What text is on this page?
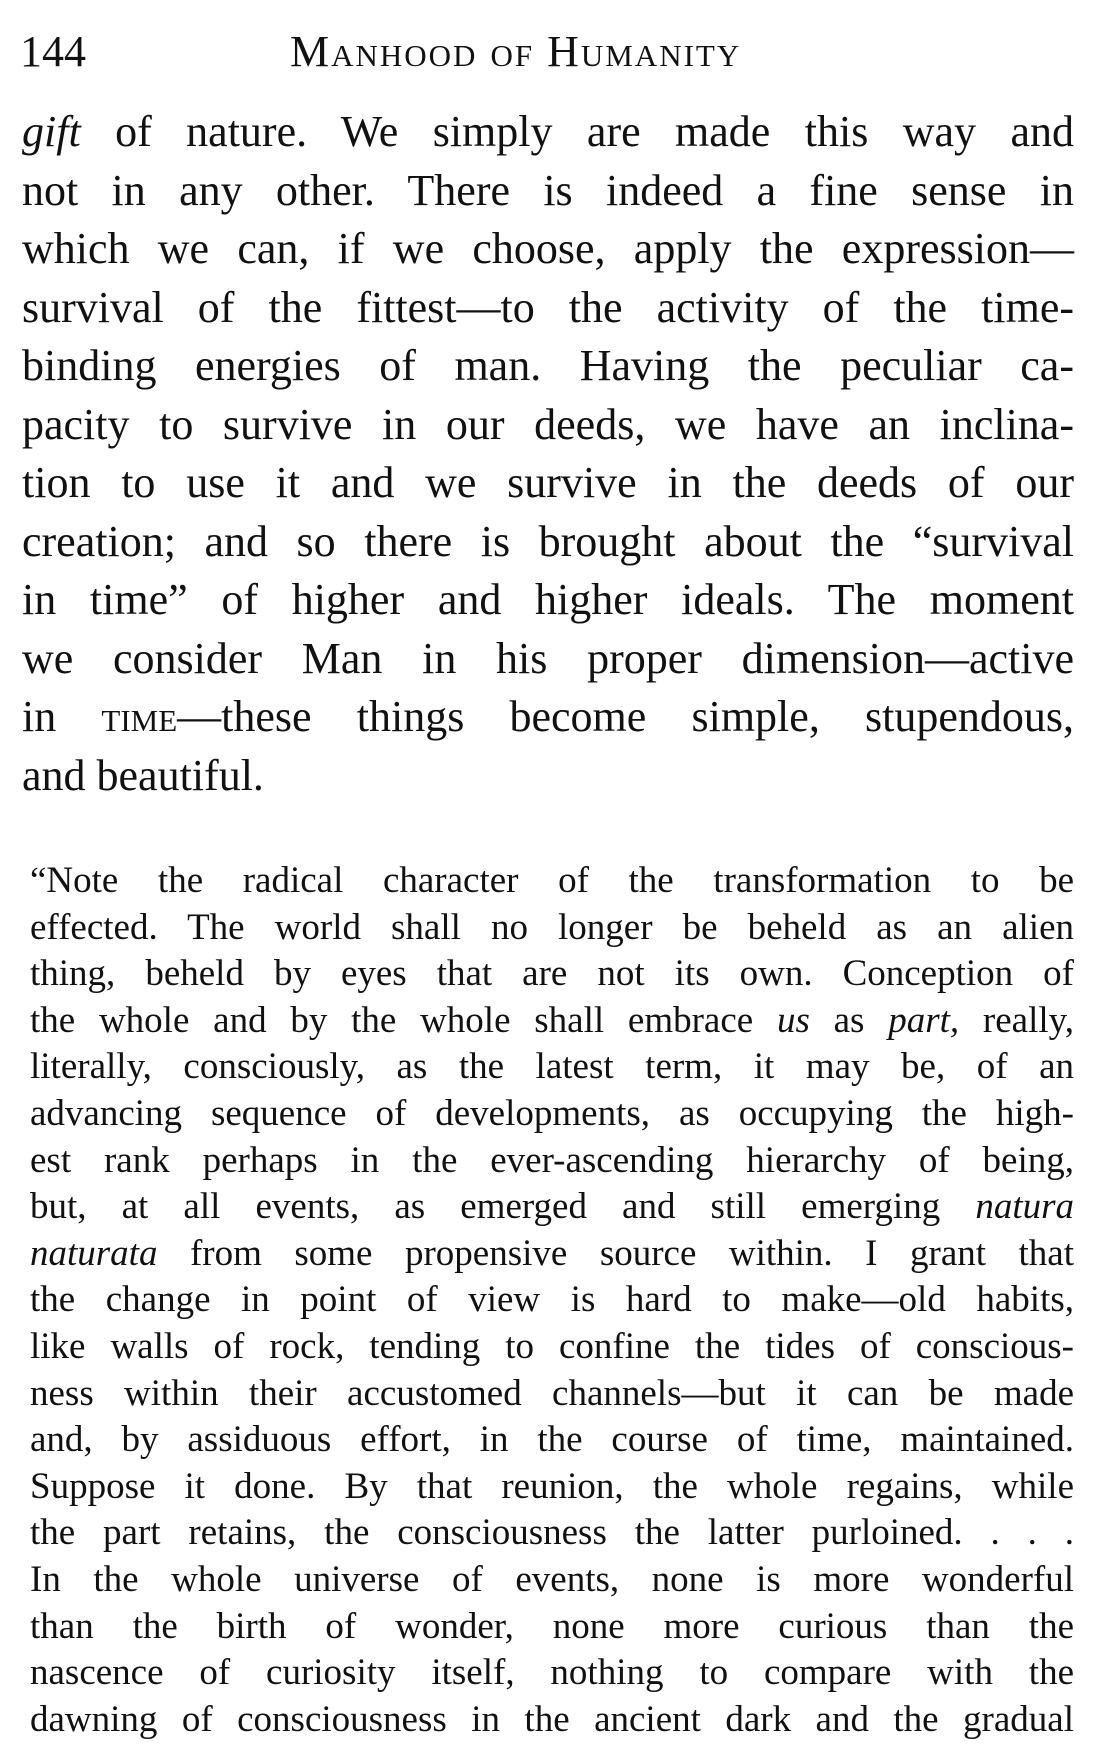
144	Manhood of Humanity
gift of nature. We simply are made this way and
not in any other. There is indeed a fine sense in
which we can, if we choose, apply the expression—
survival of the fittest—to the activity of the time-
binding energies of man. Having the peculiar ca-
pacity to survive in our deeds, we have an inclina-
tion to use it and we survive in the deeds of our
creation; and so there is brought about the “survival
in time” of higher and higher ideals. The moment
we consider Man in his proper dimension—active
in time—these things become simple, stupendous,
and beautiful.
“Note the radical character of the transformation to be
effected. The world shall no longer be beheld as an alien
thing, beheld by eyes that are not its own. Conception of
the whole and by the whole shall embrace us as part, really,
literally, consciously, as the latest term, it may be, of an
advancing sequence of developments, as occupying the high-
est rank perhaps in the ever-ascending hierarchy of being,
but, at all events, as emerged and still emerging natura
naturata from some propensive source within. I grant that
the change in point of view is hard to make—old habits,
like walls of rock, tending to confine the tides of conscious-
ness within their accustomed channels—but it can be made
and, by assiduous effort, in the course of time, maintained.
Suppose it done. By that reunion, the whole regains, while
the part retains, the consciousness the latter purloined. . . .
In the whole universe of events, none is more wonderful
than the birth of wonder, none more curious than the
nascence of curiosity itself, nothing to compare with the
dawning of consciousness in the ancient dark and the gradual
